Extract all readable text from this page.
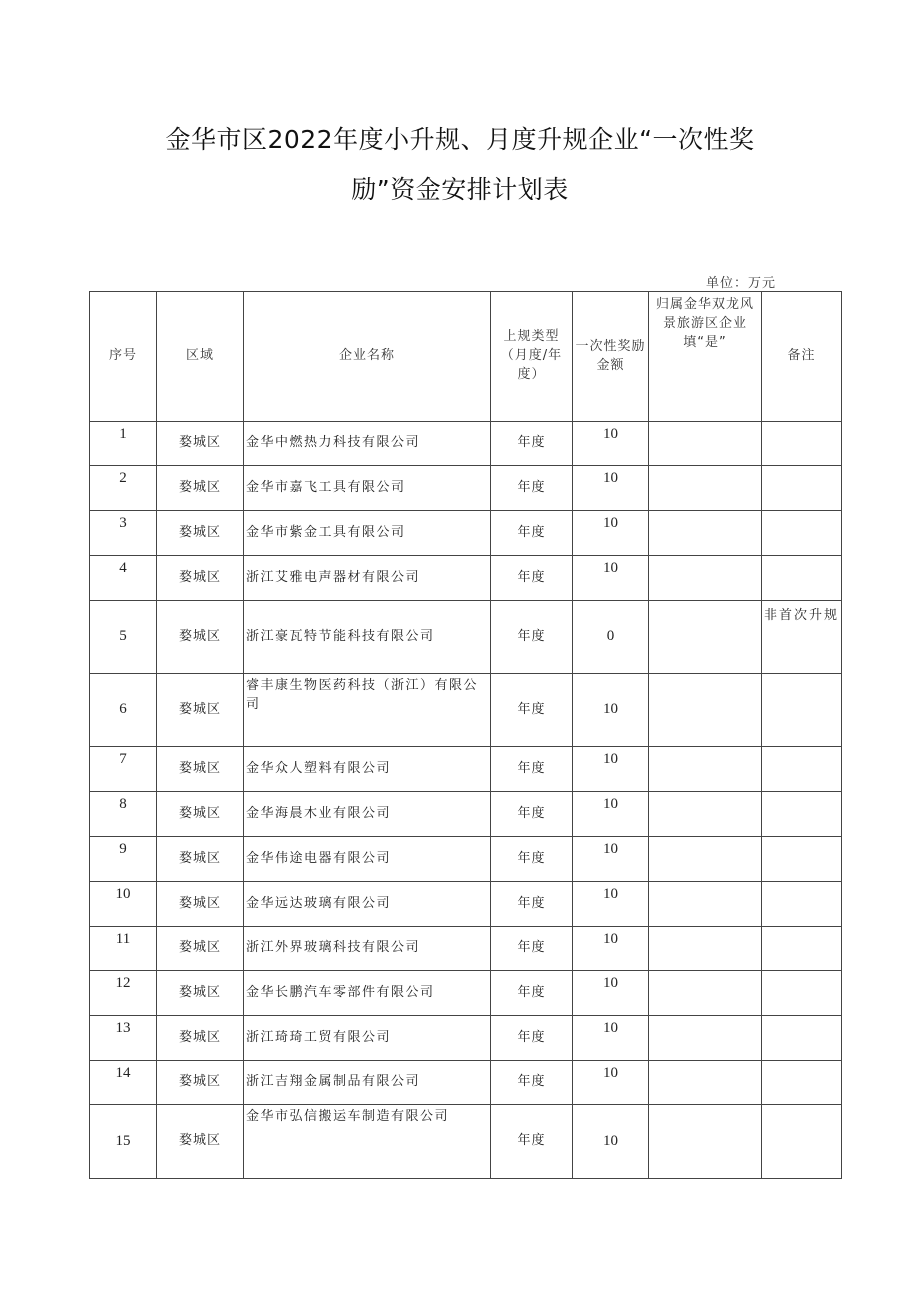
金华市区2022年度小升规、月度升规企业“一次性奖
励”资金安排计划表
单位：万元
序号	区域	企业名称	上规类型（月度/年度）	一次性奖励金额	归属金华双龙风景旅游区企业填“是”	备注
1	婺城区	金华中燃热力科技有限公司	年度	10		
2	婺城区	金华市嘉飞工具有限公司	年度	10		
3	婺城区	金华市紫金工具有限公司	年度	10		
4	婺城区	浙江艾雅电声器材有限公司	年度	10		
5	婺城区	浙江豪瓦特节能科技有限公司	年度	0		非首次升规
6	婺城区	睿丰康生物医药科技（浙江）有限公司	年度	10		
7	婺城区	金华众人塑料有限公司	年度	10		
8	婺城区	金华海晨木业有限公司	年度	10		
9	婺城区	金华伟途电器有限公司	年度	10		
10	婺城区	金华远达玻璃有限公司	年度	10		
11	婺城区	浙江外界玻璃科技有限公司	年度	10		
12	婺城区	金华长鹏汽车零部件有限公司	年度	10		
13	婺城区	浙江琦琦工贸有限公司	年度	10		
14	婺城区	浙江吉翔金属制品有限公司	年度	10		
15	婺城区	金华市弘信搬运车制造有限公司	年度	10		
